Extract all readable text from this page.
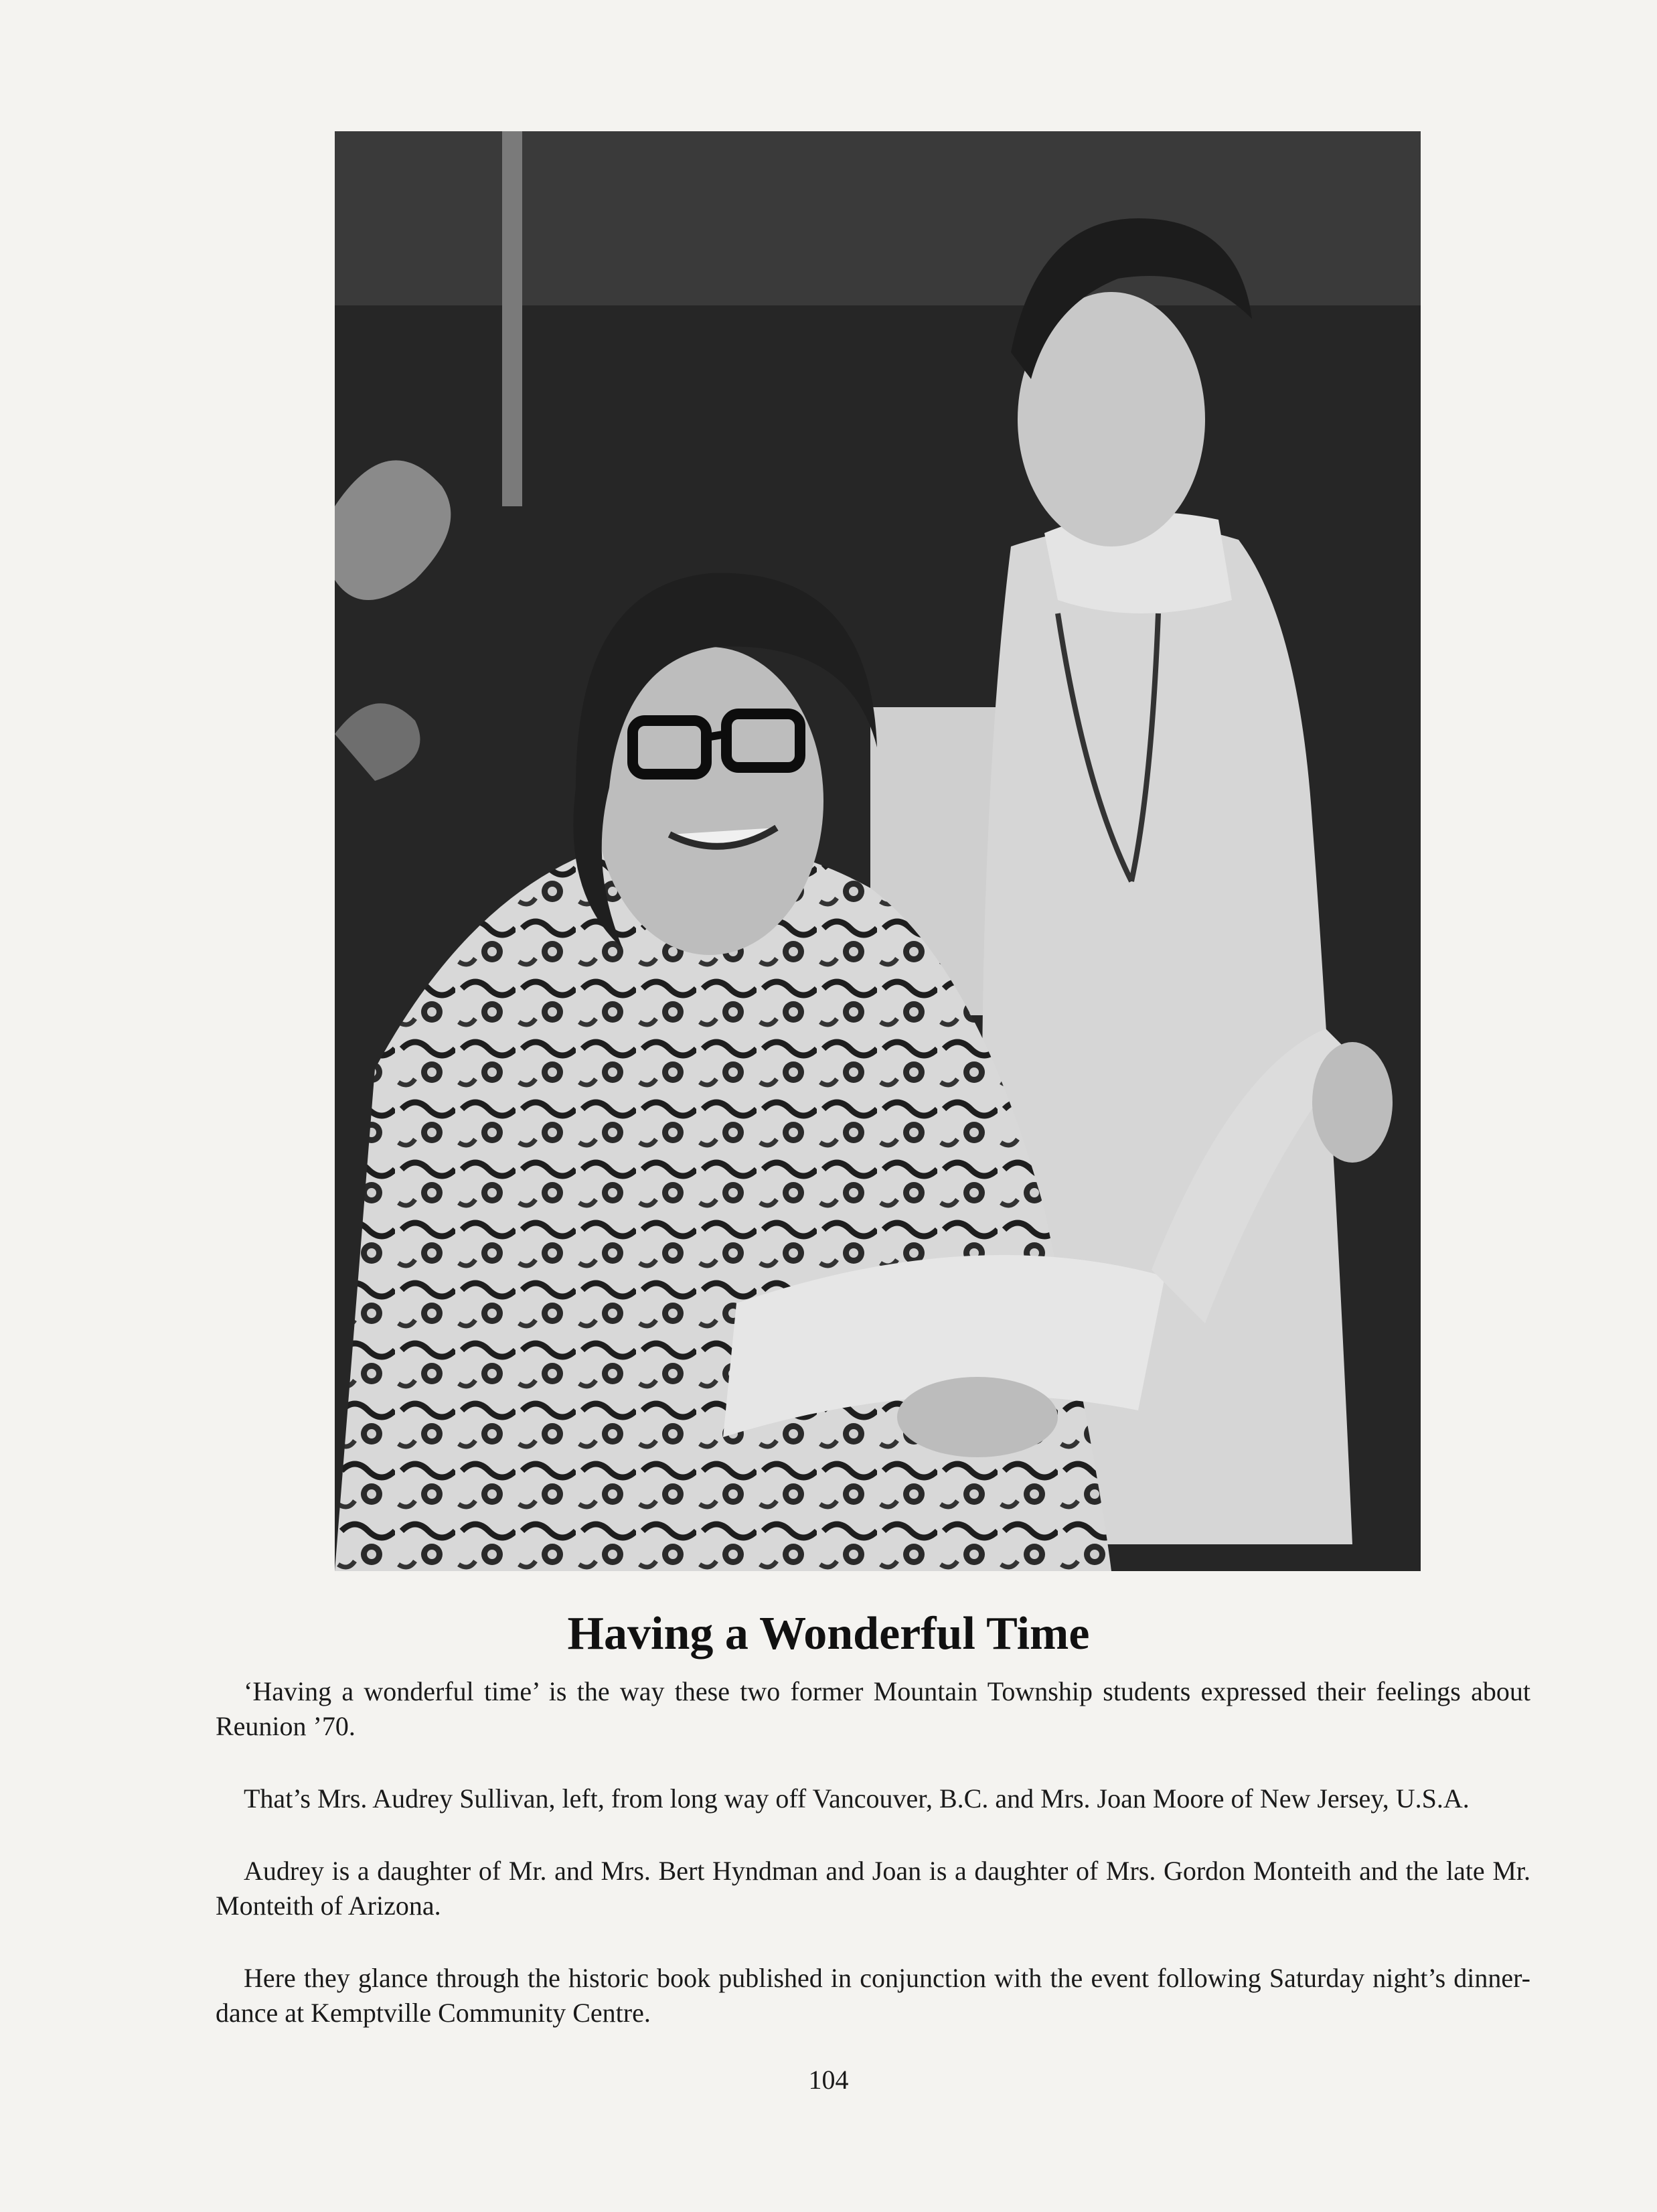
Having a Wonderful Time

‘Having a wonderful time’ is the way these two former Mountain Township students expressed their feelings about Reunion ’70.

That’s Mrs. Audrey Sullivan, left, from long way off Vancouver, B.C. and Mrs. Joan Moore of New Jersey, U.S.A.

Audrey is a daughter of Mr. and Mrs. Bert Hyndman and Joan is a daughter of Mrs. Gordon Monteith and the late Mr. Monteith of Arizona.

Here they glance through the historic book published in conjunction with the event following Saturday night’s dinner-dance at Kemptville Community Centre.

104
